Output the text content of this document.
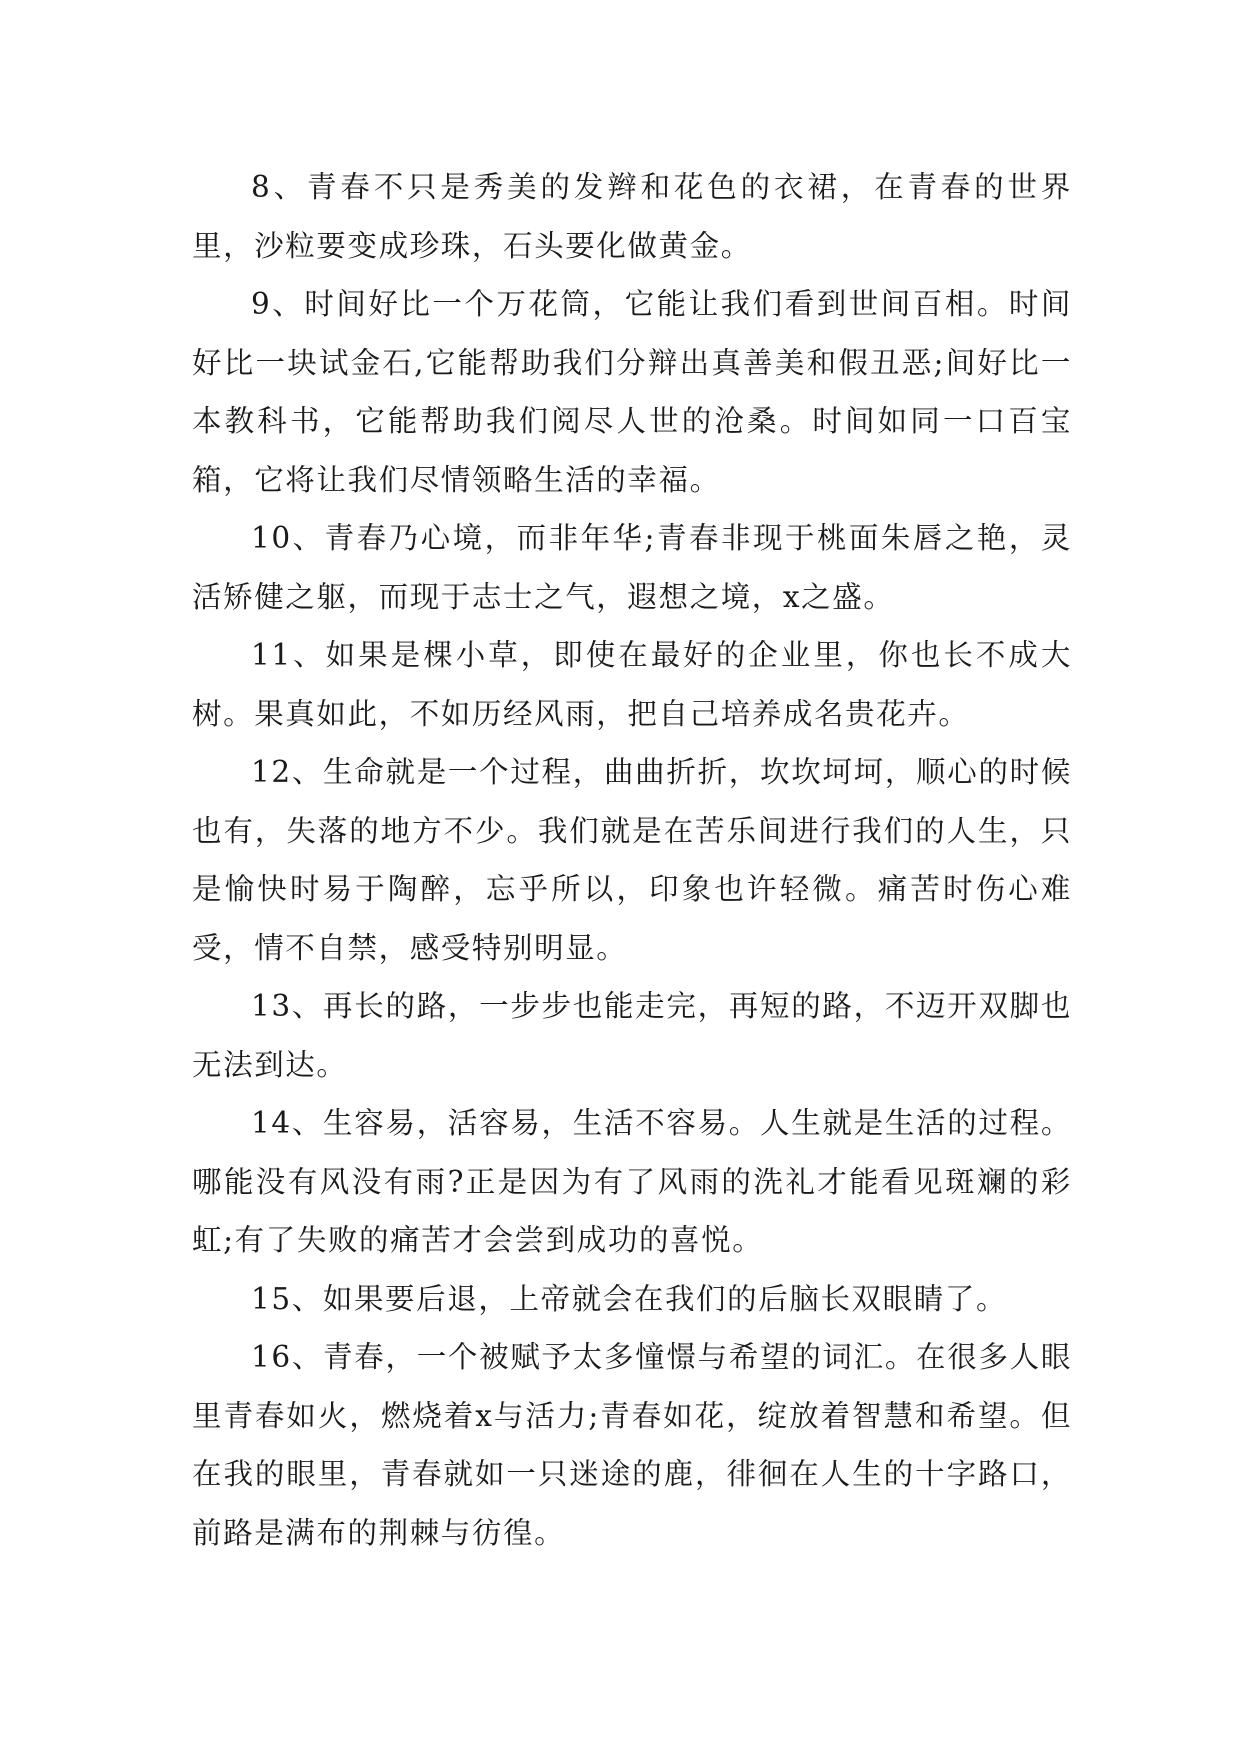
8、青春不只是秀美的发辫和花色的衣裙，在青春的世界里，沙粒要变成珍珠，石头要化做黄金。

9、时间好比一个万花筒，它能让我们看到世间百相。时间好比一块试金石,它能帮助我们分辩出真善美和假丑恶;间好比一本教科书，它能帮助我们阅尽人世的沧桑。时间如同一口百宝箱，它将让我们尽情领略生活的幸福。

10、青春乃心境，而非年华;青春非现于桃面朱唇之艳，灵活矫健之躯，而现于志士之气，遐想之境，x之盛。

11、如果是棵小草，即使在最好的企业里，你也长不成大树。果真如此，不如历经风雨，把自己培养成名贵花卉。

12、生命就是一个过程，曲曲折折，坎坎坷坷，顺心的时候也有，失落的地方不少。我们就是在苦乐间进行我们的人生，只是愉快时易于陶醉，忘乎所以，印象也许轻微。痛苦时伤心难受，情不自禁，感受特别明显。

13、再长的路，一步步也能走完，再短的路，不迈开双脚也无法到达。

14、生容易，活容易，生活不容易。人生就是生活的过程。哪能没有风没有雨?正是因为有了风雨的洗礼才能看见斑斓的彩虹;有了失败的痛苦才会尝到成功的喜悦。

15、如果要后退，上帝就会在我们的后脑长双眼睛了。

16、青春，一个被赋予太多憧憬与希望的词汇。在很多人眼里青春如火，燃烧着x与活力;青春如花，绽放着智慧和希望。但在我的眼里，青春就如一只迷途的鹿，徘徊在人生的十字路口，前路是满布的荆棘与彷徨。
